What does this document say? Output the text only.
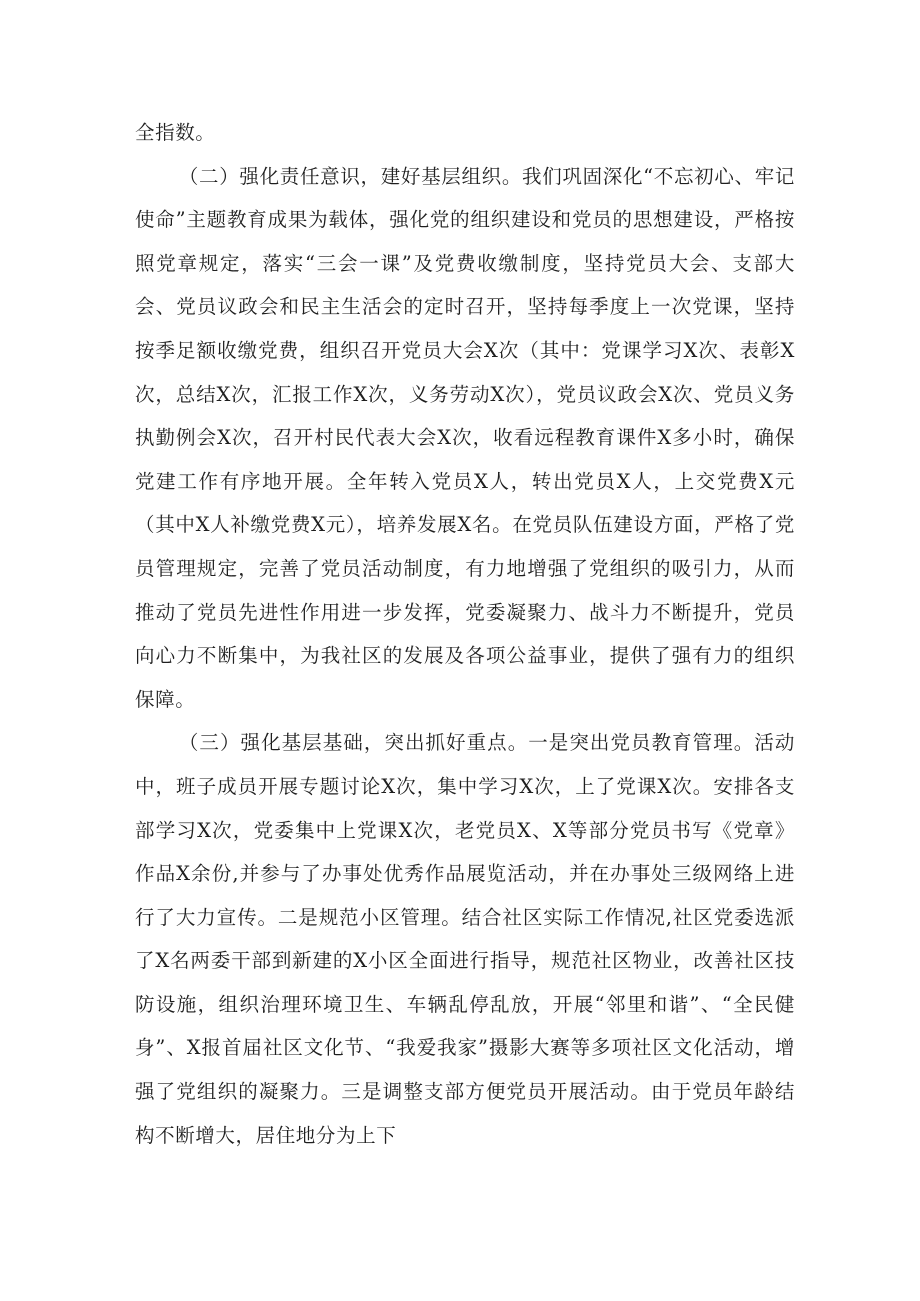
全指数。

（二）强化责任意识，建好基层组织。我们巩固深化“不忘初心、牢记使命”主题教育成果为载体，强化党的组织建设和党员的思想建设，严格按照党章规定，落实“三会一课”及党费收缴制度，坚持党员大会、支部大会、党员议政会和民主生活会的定时召开，坚持每季度上一次党课，坚持按季足额收缴党费，组织召开党员大会X次（其中：党课学习X次、表彰X次，总结X次，汇报工作X次，义务劳动X次），党员议政会X次、党员义务执勤例会X次，召开村民代表大会X次，收看远程教育课件X多小时，确保党建工作有序地开展。全年转入党员X人，转出党员X人，上交党费X元（其中X人补缴党费X元），培养发展X名。在党员队伍建设方面，严格了党员管理规定，完善了党员活动制度，有力地增强了党组织的吸引力，从而推动了党员先进性作用进一步发挥，党委凝聚力、战斗力不断提升，党员向心力不断集中，为我社区的发展及各项公益事业，提供了强有力的组织保障。

（三）强化基层基础，突出抓好重点。一是突出党员教育管理。活动中，班子成员开展专题讨论X次，集中学习X次，上了党课X次。安排各支部学习X次，党委集中上党课X次，老党员X、X等部分党员书写《党章》作品X余份,并参与了办事处优秀作品展览活动，并在办事处三级网络上进行了大力宣传。二是规范小区管理。结合社区实际工作情况,社区党委选派了X名两委干部到新建的X小区全面进行指导，规范社区物业，改善社区技防设施，组织治理环境卫生、车辆乱停乱放，开展“邻里和谐”、“全民健身”、X报首届社区文化节、“我爱我家”摄影大赛等多项社区文化活动，增强了党组织的凝聚力。三是调整支部方便党员开展活动。由于党员年龄结构不断增大，居住地分为上下
